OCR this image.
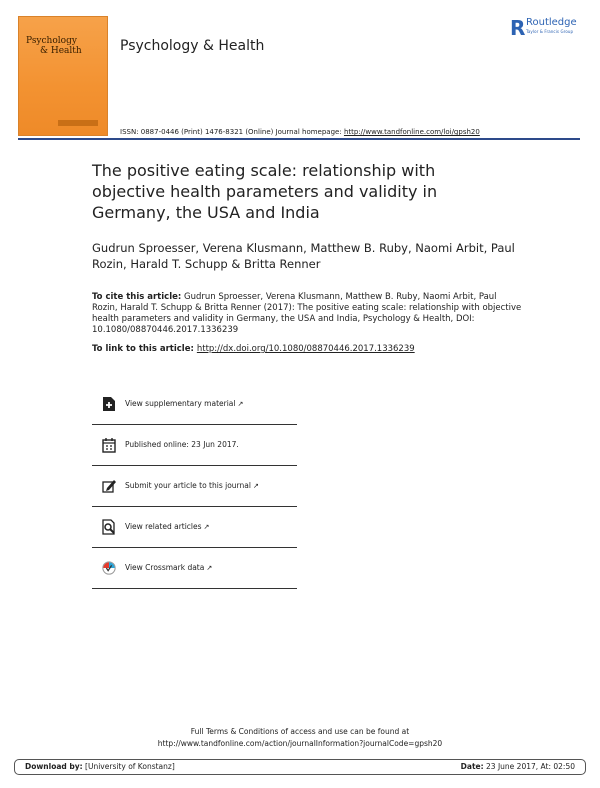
Psychology
& Health	Psychology & Health
R Routledge
Taylor & Francis Group
ISSN: 0887-0446 (Print) 1476-8321 (Online) Journal homepage: http://www.tandfonline.com/loi/gpsh20
The positive eating scale: relationship with objective health parameters and validity in Germany, the USA and India
Gudrun Sproesser, Verena Klusmann, Matthew B. Ruby, Naomi Arbit, Paul Rozin, Harald T. Schupp & Britta Renner
To cite this article: Gudrun Sproesser, Verena Klusmann, Matthew B. Ruby, Naomi Arbit, Paul Rozin, Harald T. Schupp & Britta Renner (2017): The positive eating scale: relationship with objective health parameters and validity in Germany, the USA and India, Psychology & Health, DOI: 10.1080/08870446.2017.1336239
To link to this article: http://dx.doi.org/10.1080/08870446.2017.1336239
View supplementary material ↗
Published online: 23 Jun 2017.
Submit your article to this journal ↗
View related articles ↗
View Crossmark data ↗
Full Terms & Conditions of access and use can be found at
http://www.tandfonline.com/action/journalInformation?journalCode=gpsh20
Download by: [University of Konstanz]	Date: 23 June 2017, At: 02:50
